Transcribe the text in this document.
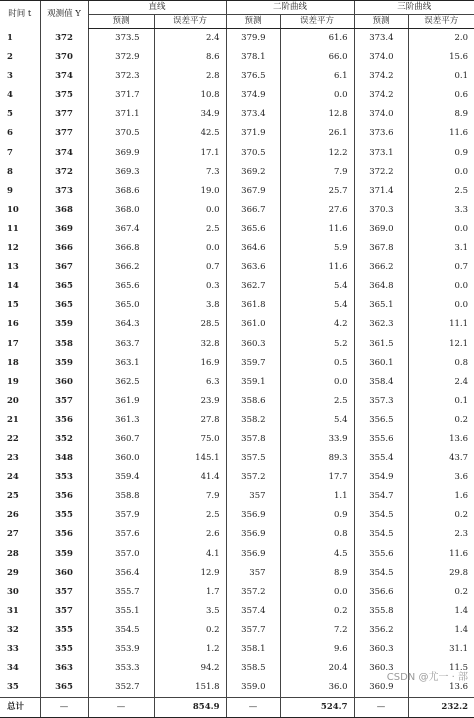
时间 t	观测值 Y	直线		二阶曲线		三阶曲线	
		预测	误差平方	预测	误差平方	预测	误差平方
1	372	373.5	2.4	379.9	61.6	373.4	2.0
2	370	372.9	8.6	378.1	66.0	374.0	15.6
3	374	372.3	2.8	376.5	6.1	374.2	0.1
4	375	371.7	10.8	374.9	0.0	374.2	0.6
5	377	371.1	34.9	373.4	12.8	374.0	8.9
6	377	370.5	42.5	371.9	26.1	373.6	11.6
7	374	369.9	17.1	370.5	12.2	373.1	0.9
8	372	369.3	7.3	369.2	7.9	372.2	0.0
9	373	368.6	19.0	367.9	25.7	371.4	2.5
10	368	368.0	0.0	366.7	27.6	370.3	3.3
11	369	367.4	2.5	365.6	11.6	369.0	0.0
12	366	366.8	0.0	364.6	5.9	367.8	3.1
13	367	366.2	0.7	363.6	11.6	366.2	0.7
14	365	365.6	0.3	362.7	5.4	364.8	0.0
15	365	365.0	3.8	361.8	5.4	365.1	0.0
16	359	364.3	28.5	361.0	4.2	362.3	11.1
17	358	363.7	32.8	360.3	5.2	361.5	12.1
18	359	363.1	16.9	359.7	0.5	360.1	0.8
19	360	362.5	6.3	359.1	0.0	358.4	2.4
20	357	361.9	23.9	358.6	2.5	357.3	0.1
21	356	361.3	27.8	358.2	5.4	356.5	0.2
22	352	360.7	75.0	357.8	33.9	355.6	13.6
23	348	360.0	145.1	357.5	89.3	355.4	43.7
24	353	359.4	41.4	357.2	17.7	354.9	3.6
25	356	358.8	7.9	357	1.1	354.7	1.6
26	355	357.9	2.5	356.9	0.9	354.5	0.2
27	356	357.6	2.6	356.9	0.8	354.5	2.3
28	359	357.0	4.1	356.9	4.5	355.6	11.6
29	360	356.4	12.9	357	8.9	354.5	29.8
30	357	355.7	1.7	357.2	0.0	356.6	0.2
31	357	355.1	3.5	357.4	0.2	355.8	1.4
32	355	354.5	0.2	357.7	7.2	356.2	1.4
33	355	353.9	1.2	358.1	9.6	360.3	31.1
34	363	353.3	94.2	358.5	20.4	360.3	11.5
35	365	352.7	151.8	359.0	36.0	360.9	13.6
总计	—	—	854.9	—	524.7	—	232.2
CSDN @尤一 · 部
